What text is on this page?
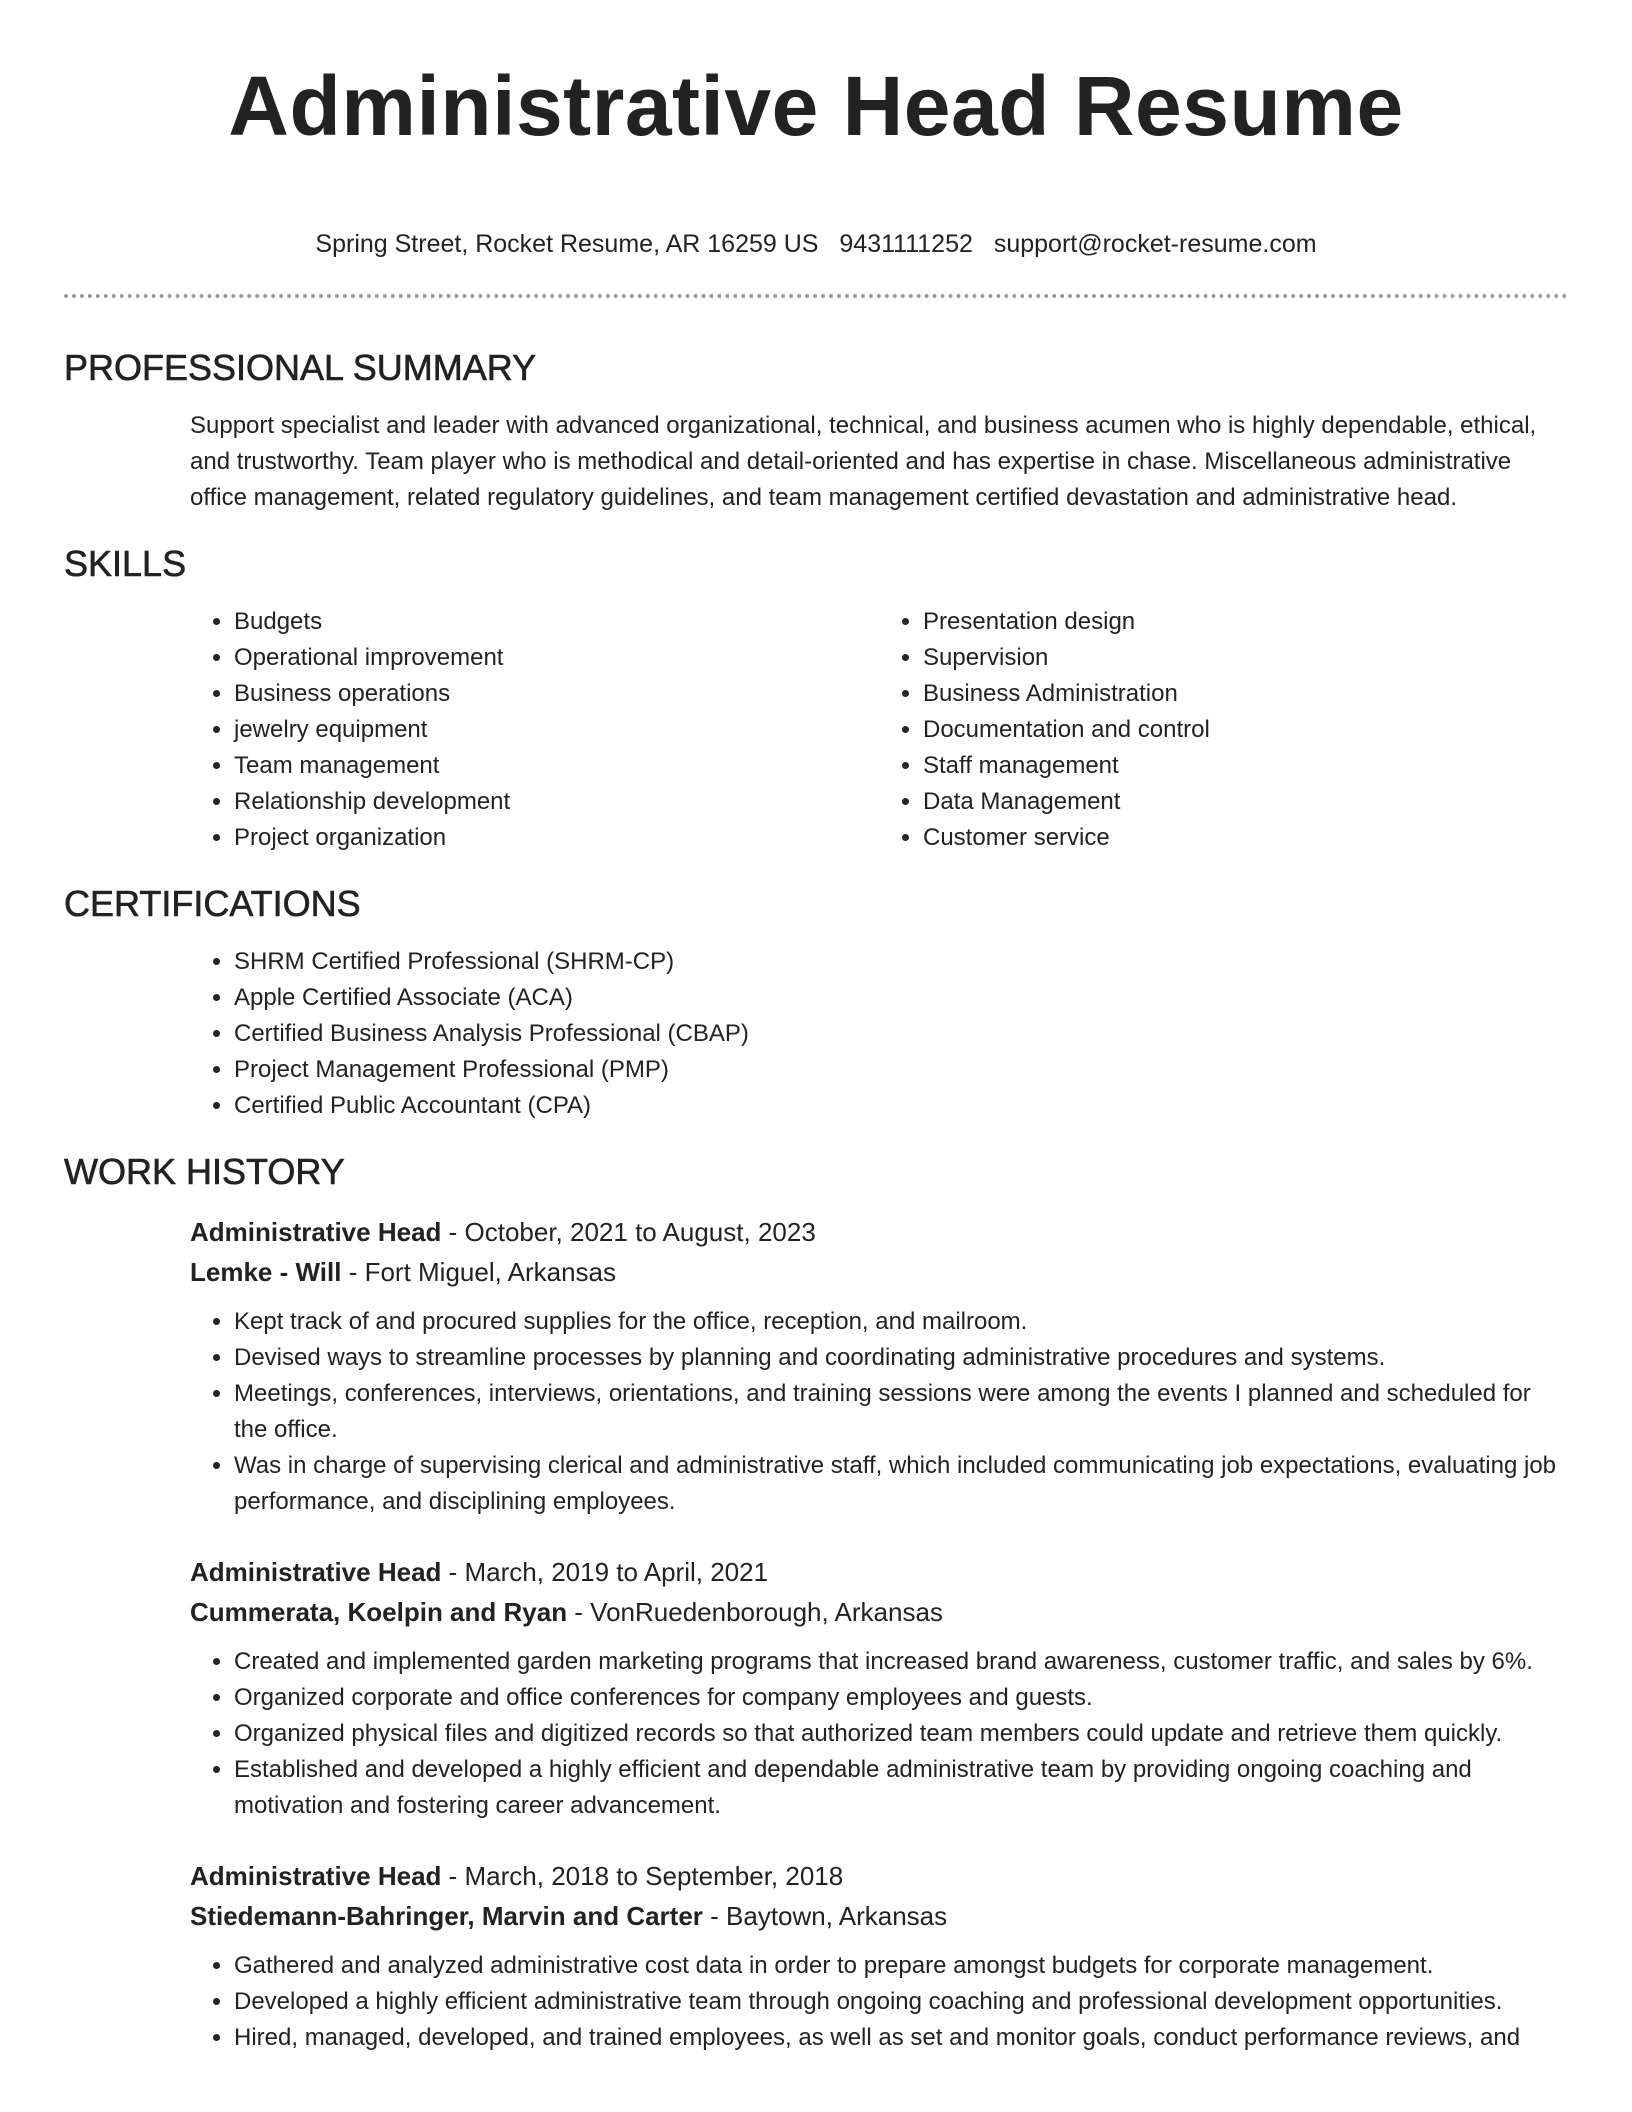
Administrative Head Resume
Spring Street, Rocket Resume, AR 16259 US 9431111252 support@rocket-resume.com
PROFESSIONAL SUMMARY

Support specialist and leader with advanced organizational, technical, and business acumen who is highly dependable, ethical, and trustworthy. Team player who is methodical and detail-oriented and has expertise in chase. Miscellaneous administrative office management, related regulatory guidelines, and team management certified devastation and administrative head.

SKILLS
• Budgets
• Operational improvement
• Business operations
• jewelry equipment
• Team management
• Relationship development
• Project organization
• Presentation design
• Supervision
• Business Administration
• Documentation and control
• Staff management
• Data Management
• Customer service
CERTIFICATIONS
• SHRM Certified Professional (SHRM-CP)
• Apple Certified Associate (ACA)
• Certified Business Analysis Professional (CBAP)
• Project Management Professional (PMP)
• Certified Public Accountant (CPA)
WORK HISTORY
Administrative Head - October, 2021 to August, 2023
Lemke - Will - Fort Miguel, Arkansas
• Kept track of and procured supplies for the office, reception, and mailroom.
• Devised ways to streamline processes by planning and coordinating administrative procedures and systems.
• Meetings, conferences, interviews, orientations, and training sessions were among the events I planned and scheduled for the office.
• Was in charge of supervising clerical and administrative staff, which included communicating job expectations, evaluating job performance, and disciplining employees.
Administrative Head - March, 2019 to April, 2021
Cummerata, Koelpin and Ryan - VonRuedenborough, Arkansas
• Created and implemented garden marketing programs that increased brand awareness, customer traffic, and sales by 6%.
• Organized corporate and office conferences for company employees and guests.
• Organized physical files and digitized records so that authorized team members could update and retrieve them quickly.
• Established and developed a highly efficient and dependable administrative team by providing ongoing coaching and motivation and fostering career advancement.
Administrative Head - March, 2018 to September, 2018
Stiedemann-Bahringer, Marvin and Carter - Baytown, Arkansas
• Gathered and analyzed administrative cost data in order to prepare amongst budgets for corporate management.
• Developed a highly efficient administrative team through ongoing coaching and professional development opportunities.
• Hired, managed, developed, and trained employees, as well as set and monitor goals, conduct performance reviews, and
